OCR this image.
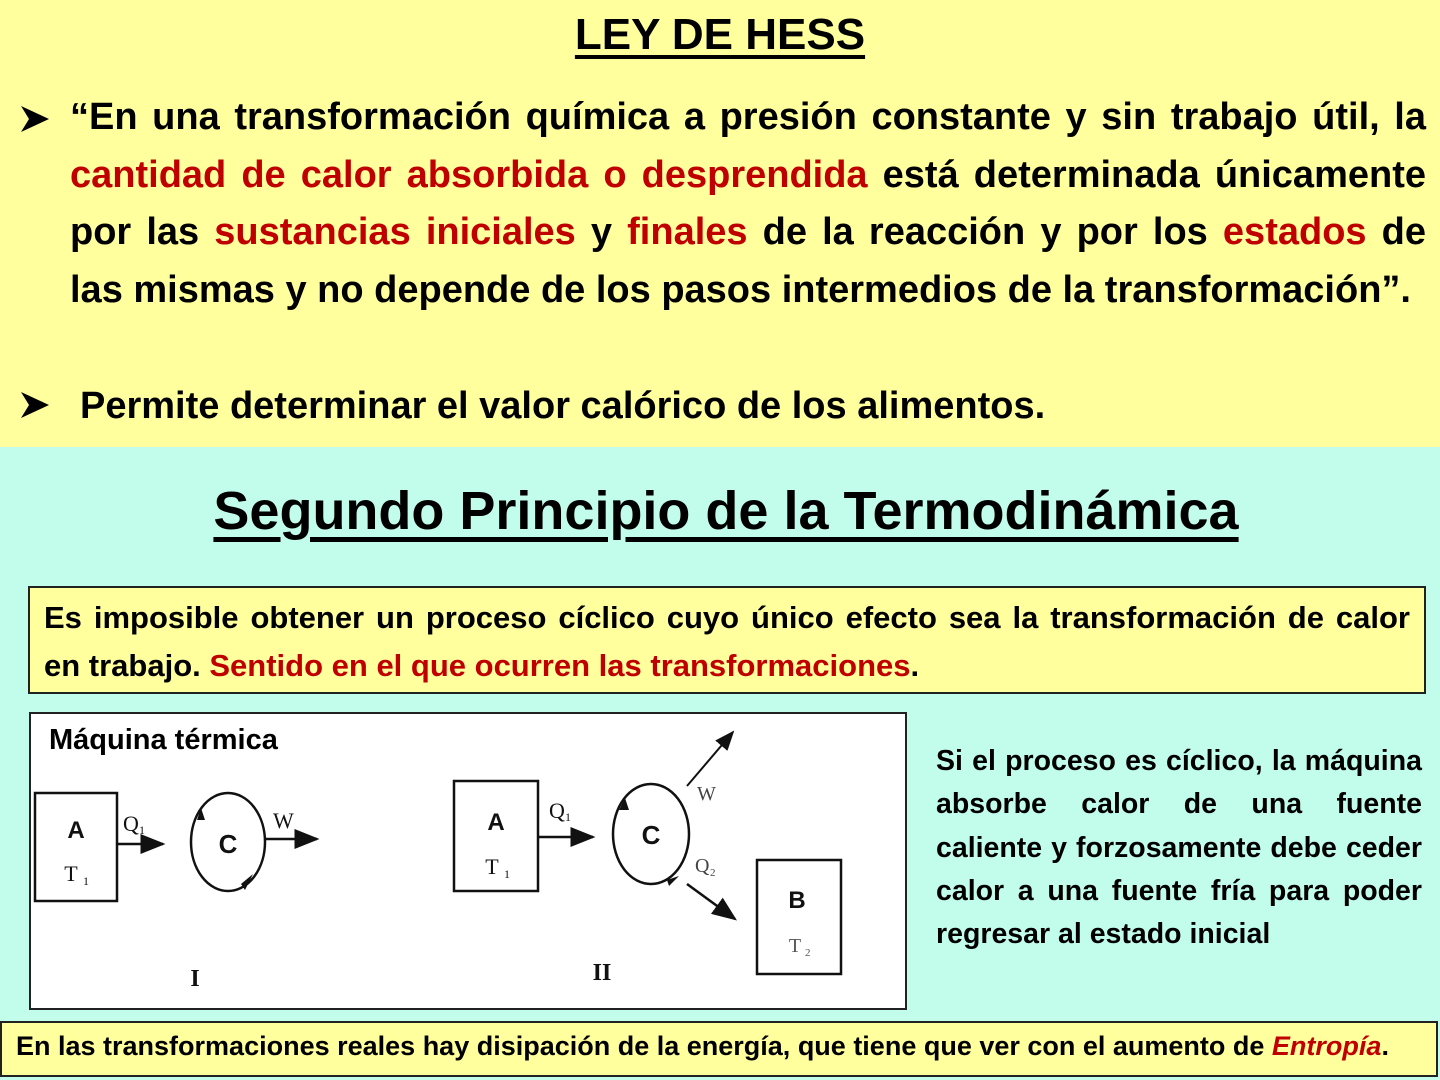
LEY DE HESS
“En una transformación química a presión constante y sin trabajo útil, la cantidad de calor absorbida o desprendida está determinada únicamente por las sustancias iniciales y finales de la reacción y por los estados de las mismas y no depende de los pasos intermedios de la transformación”.
Permite determinar el valor calórico de los alimentos.
Segundo Principio de la Termodinámica
Es imposible obtener un proceso cíclico cuyo único efecto sea la transformación de calor en trabajo. Sentido en el que ocurren las transformaciones.
A
T 1
Q 1	C
W
I
A
T 1
Q 1
C
W
Q 2
B
T 2
II
Máquina térmica
Si el proceso es cíclico, la máquina absorbe calor de una fuente caliente y forzosamente debe ceder calor a una fuente fría para poder regresar al estado inicial
En las transformaciones reales hay disipación de la energía, que tiene que ver con el aumento de Entropía.
